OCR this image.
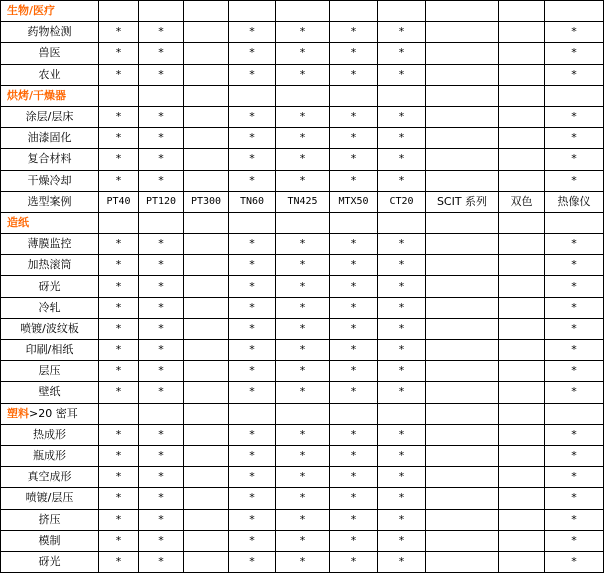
生物/医疗										
药物检测	*	*		*	*	*	*			*
兽医	*	*		*	*	*	*			*
农业	*	*		*	*	*	*			*
烘烤/干燥器										
涂层/层床	*	*		*	*	*	*			*
油漆固化	*	*		*	*	*	*			*
复合材料	*	*		*	*	*	*			*
干燥冷却	*	*		*	*	*	*			*
选型案例	PT40	PT120	PT300	TN60	TN425	MTX50	CT20	SCIT 系列	双色	热像仪
造纸										
薄膜监控	*	*		*	*	*	*			*
加热滚筒	*	*		*	*	*	*			*
砑光	*	*		*	*	*	*			*
冷轧	*	*		*	*	*	*			*
喷镀/波纹板	*	*		*	*	*	*			*
印刷/相纸	*	*		*	*	*	*			*
层压	*	*		*	*	*	*			*
壁纸	*	*		*	*	*	*			*
塑料>20 密耳										
热成形	*	*		*	*	*	*			*
瓶成形	*	*		*	*	*	*			*
真空成形	*	*		*	*	*	*			*
喷镀/层压	*	*		*	*	*	*			*
挤压	*	*		*	*	*	*			*
模制	*	*		*	*	*	*			*
砑光	*	*		*	*	*	*			*
